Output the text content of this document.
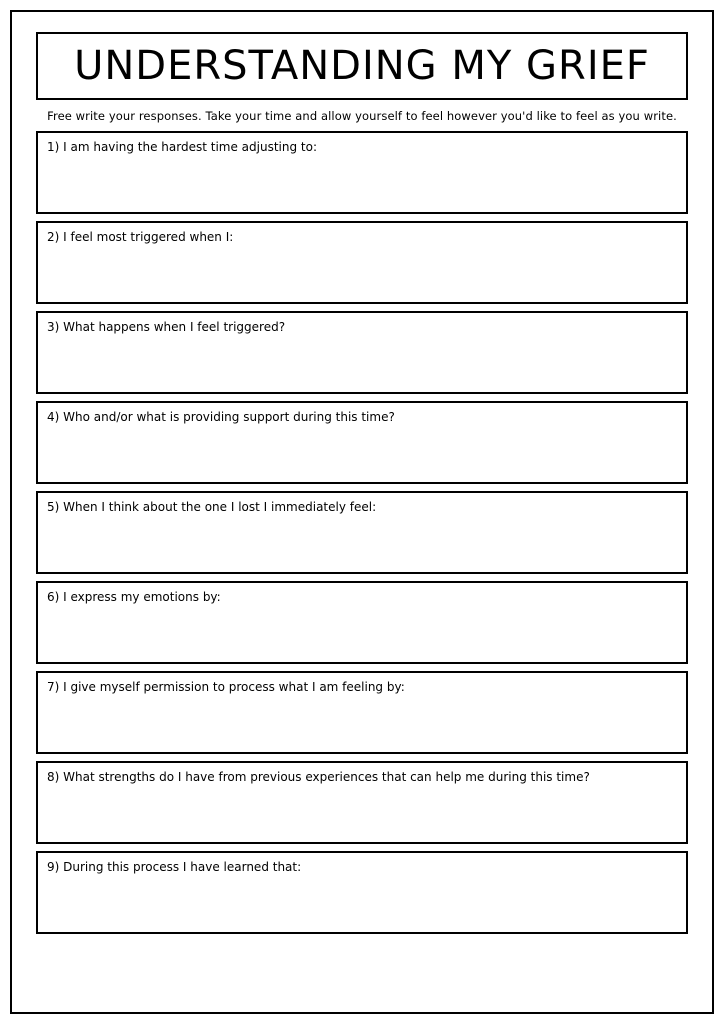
UNDERSTANDING MY GRIEF
Free write your responses. Take your time and allow yourself to feel however you'd like to feel as you write.
1) I am having the hardest time adjusting to:
2) I feel most triggered when I:
3) What happens when I feel triggered?
4) Who and/or what is providing support during this time?
5) When I think about the one I lost I immediately feel:
6) I express my emotions by:
7) I give myself permission to process what I am feeling by:
8) What strengths do I have from previous experiences that can help me during this time?
9) During this process I have learned that:
